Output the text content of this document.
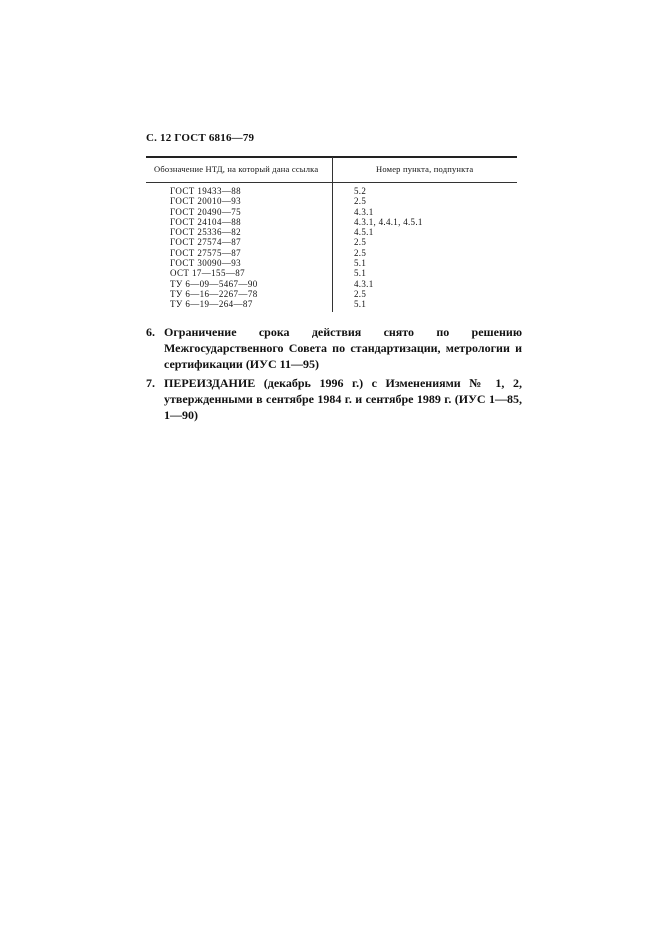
С. 12 ГОСТ 6816—79
Обозначение НТД, на который дана ссылка	Номер пункта, подпункта
ГОСТ 19433—88	5.2
ГОСТ 20010—93	2.5
ГОСТ 20490—75	4.3.1
ГОСТ 24104—88	4.3.1, 4.4.1, 4.5.1
ГОСТ 25336—82	4.5.1
ГОСТ 27574—87	2.5
ГОСТ 27575—87	2.5
ГОСТ 30090—93	5.1
ОСТ 17—155—87	5.1
ТУ 6—09—5467—90	4.3.1
ТУ 6—16—2267—78	2.5
ТУ 6—19—264—87	5.1
6. Ограничение срока действия снято по решению Межгосударственного Совета по стандартизации, метрологии и сертификации (ИУС 11—95)
7. ПЕРЕИЗДАНИЕ (декабрь 1996 г.) с Изменениями № 1, 2, утвержденными в сентябре 1984 г. и сентябре 1989 г. (ИУС 1—85, 1—90)
